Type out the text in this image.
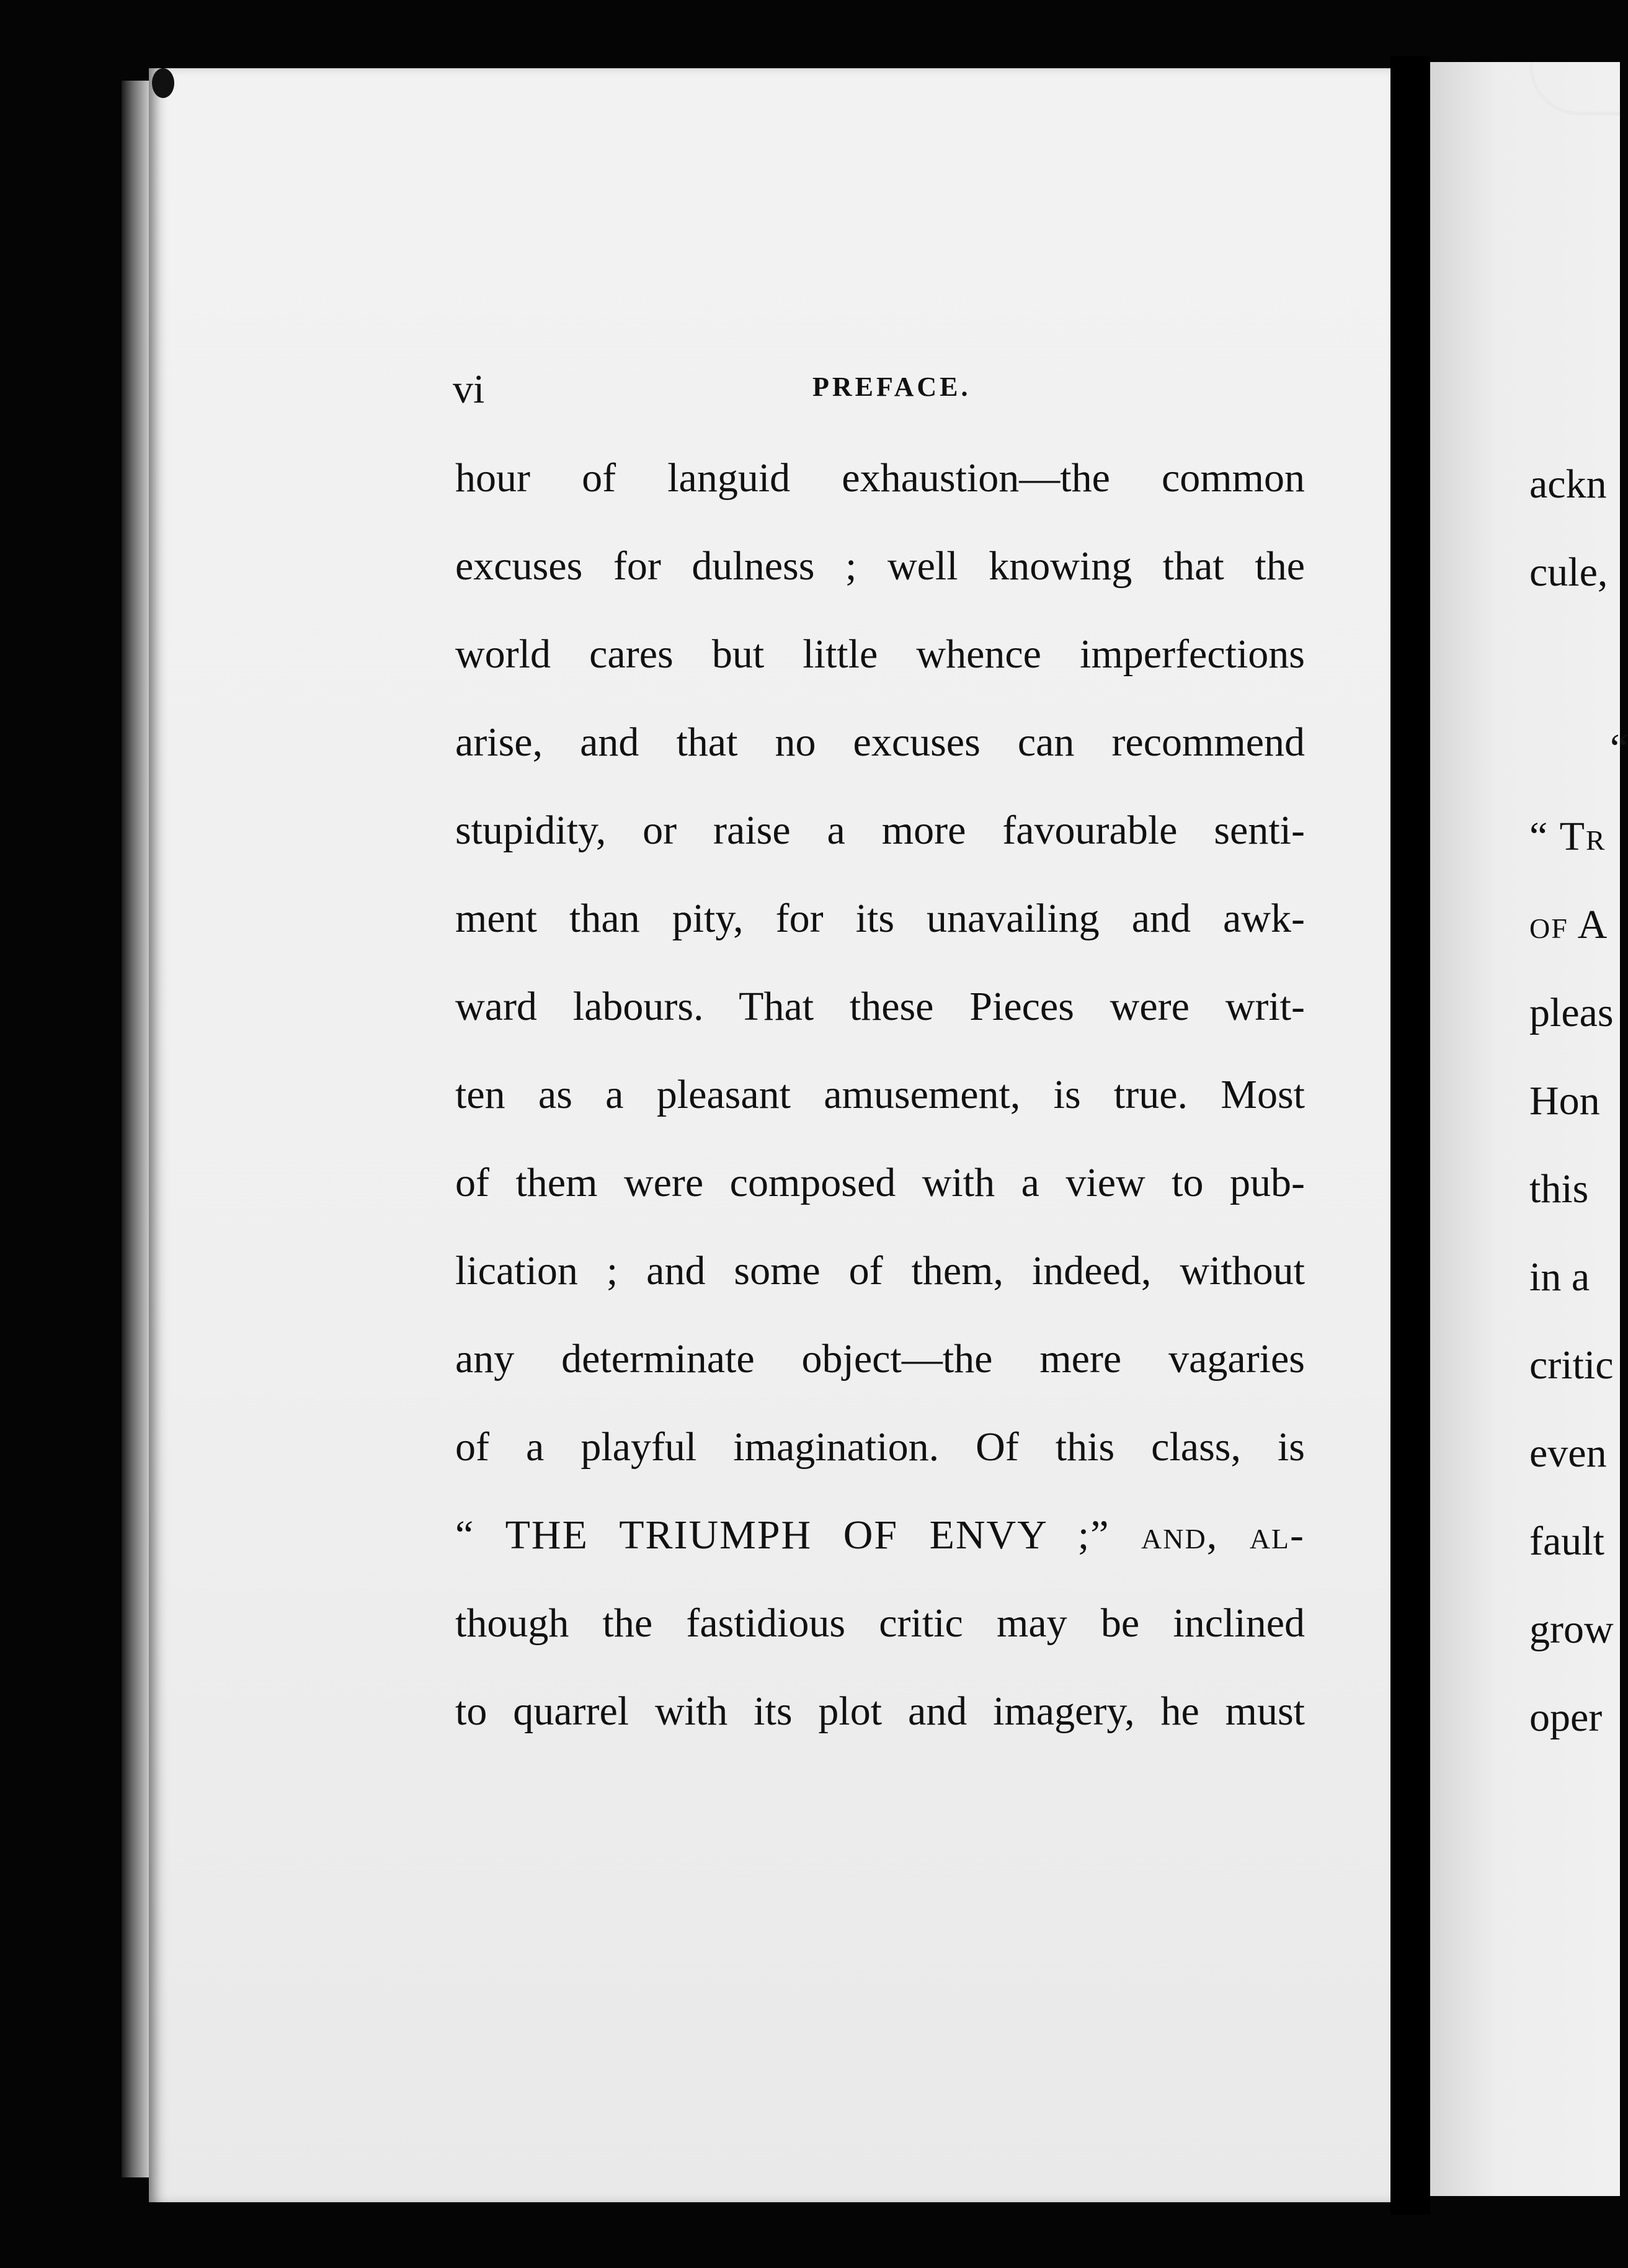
vi	PREFACE.
hour of languid exhaustion—the common
excuses for dulness ; well knowing that the
world cares but little whence imperfections
arise, and that no excuses can recommend
stupidity, or raise a more favourable senti-
ment than pity, for its unavailing and awk-
ward labours. That these Pieces were writ-
ten as a pleasant amusement, is true. Most
of them were composed with a view to pub-
lication ; and some of them, indeed, without
any determinate object—the mere vagaries
of a playful imagination. Of this class, is
“ THE TRIUMPH OF ENVY ;” and, al-
though the fastidious critic may be inclined
to quarrel with its plot and imagery, he must
ackn
cule,
“
“ Tr
of A
pleas
Hon
this
in a
critic
even
fault
grow
oper
